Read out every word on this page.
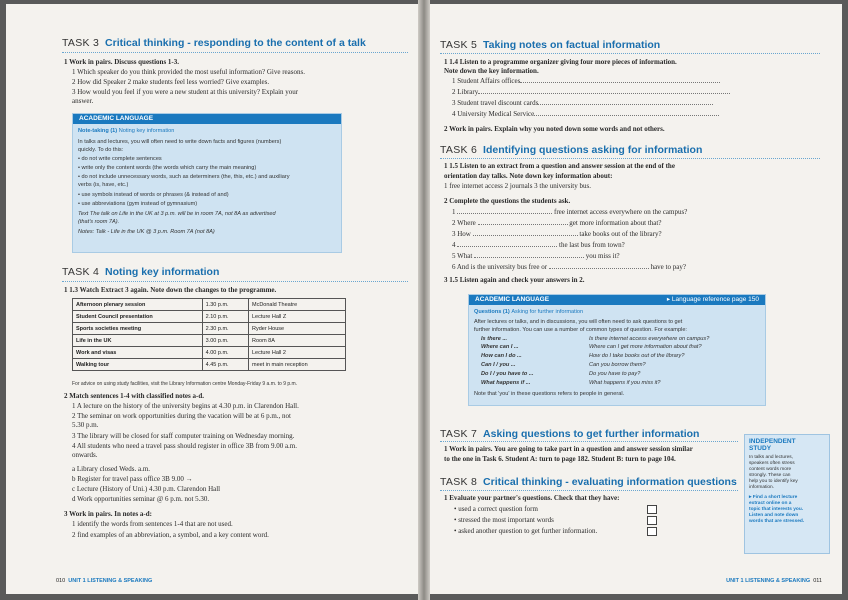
TASK 3 Critical thinking - responding to the content of a talk
1 Work in pairs. Discuss questions 1-3.
1 Which speaker do you think provided the most useful information? Give reasons.
2 How did Speaker 2 make students feel less worried? Give examples.
3 How would you feel if you were a new student at this university? Explain your
answer.
ACADEMIC LANGUAGE
Note-taking (1) Noting key information
In talks and lectures, you will often need to write down facts and figures (numbers)
quickly. To do this:
• do not write complete sentences
• write only the content words (the words which carry the main meaning)
• do not include unnecessary words, such as determiners (the, this, etc.) and auxiliary
verbs (is, have, etc.)
• use symbols instead of words or phrases (& instead of and)
• use abbreviations (gym instead of gymnasium)
Text The talk on Life in the UK at 3 p.m. will be in room 7A, not 8A as advertised
(that's room 7A).
Notes: Talk - Life in the UK @ 3 p.m. Room 7A (not 8A)
TASK 4 Noting key information
1 1.3 Watch Extract 3 again. Note down the changes to the programme.
Afternoon plenary session	1.30 p.m.	McDonald Theatre
Student Council presentation	2.10 p.m.	Lecture Hall Z
Sports societies meeting	2.30 p.m.	Ryder House
Life in the UK	3.00 p.m.	Room 8A
Work and visas	4.00 p.m.	Lecture Hall 2
Walking tour	4.45 p.m.	meet in main reception
For advice on using study facilities, visit the Library Information centre Monday-Friday 9 a.m. to 9 p.m.
2 Match sentences 1-4 with classified notes a-d.
1 A lecture on the history of the university begins at 4.30 p.m. in Clarendon Hall.
2 The seminar on work opportunities during the vacation will be at 6 p.m., not
5.30 p.m.
3 The library will be closed for staff computer training on Wednesday morning.
4 All students who need a travel pass should register in office 3B from 9.00 a.m.
onwards.
a Library closed Weds. a.m.
b Register for travel pass office 3B 9.00 →
c Lecture (History of Uni.) 4.30 p.m. Clarendon Hall
d Work opportunities seminar @ 6 p.m. not 5.30.
3 Work in pairs. In notes a-d:
1 identify the words from sentences 1-4 that are not used.
2 find examples of an abbreviation, a symbol, and a key content word.
010 UNIT 1 LISTENING & SPEAKING
TASK 5 Taking notes on factual information
1 1.4 Listen to a programme organizer giving four more pieces of information.
Note down the key information.
1 Student Affairs offices
2 Library
3 Student travel discount cards
4 University Medical Service
2 Work in pairs. Explain why you noted down some words and not others.
TASK 6 Identifying questions asking for information
1 1.5 Listen to an extract from a question and answer session at the end of the
orientation day talks. Note down key information about:
1 free internet access 2 journals 3 the university bus.
2 Complete the questions the students ask.
1	free internet access everywhere on the campus?
2 Where	get more information about that?
3 How	take books out of the library?
4	the last bus from town?
5 What	you miss it?
6 And is the university bus free or	have to pay?
3 1.5 Listen again and check your answers in 2.
ACADEMIC LANGUAGE	▸ Language reference page 150
Questions (1) Asking for further information
After lectures or talks, and in discussions, you will often need to ask questions to get
further information. You can use a number of common types of question. For example:
Is there ...	Is there internet access everywhere on campus?
Where can I ...	Where can I get more information about that?
How can I do ...	How do I take books out of the library?
Can I / you ...	Can you borrow them?
Do I / you have to ...	Do you have to pay?
What happens if ...	What happens if you miss it?
Note that 'you' in these questions refers to people in general.
TASK 7 Asking questions to get further information
1 Work in pairs. You are going to take part in a question and answer session similar
to the one in Task 6. Student A: turn to page 182. Student B: turn to page 104.
TASK 8 Critical thinking - evaluating information questions
1 Evaluate your partner's questions. Check that they have:
• used a correct question form
• stressed the most important words
• asked another question to get further information.
INDEPENDENT
STUDY
In talks and lectures,
speakers often stress
content words more
strongly. These can
help you to identify key
information.
▸ Find a short lecture
extract online on a
topic that interests you.
Listen and note down
words that are stressed.
UNIT 1 LISTENING & SPEAKING 011
